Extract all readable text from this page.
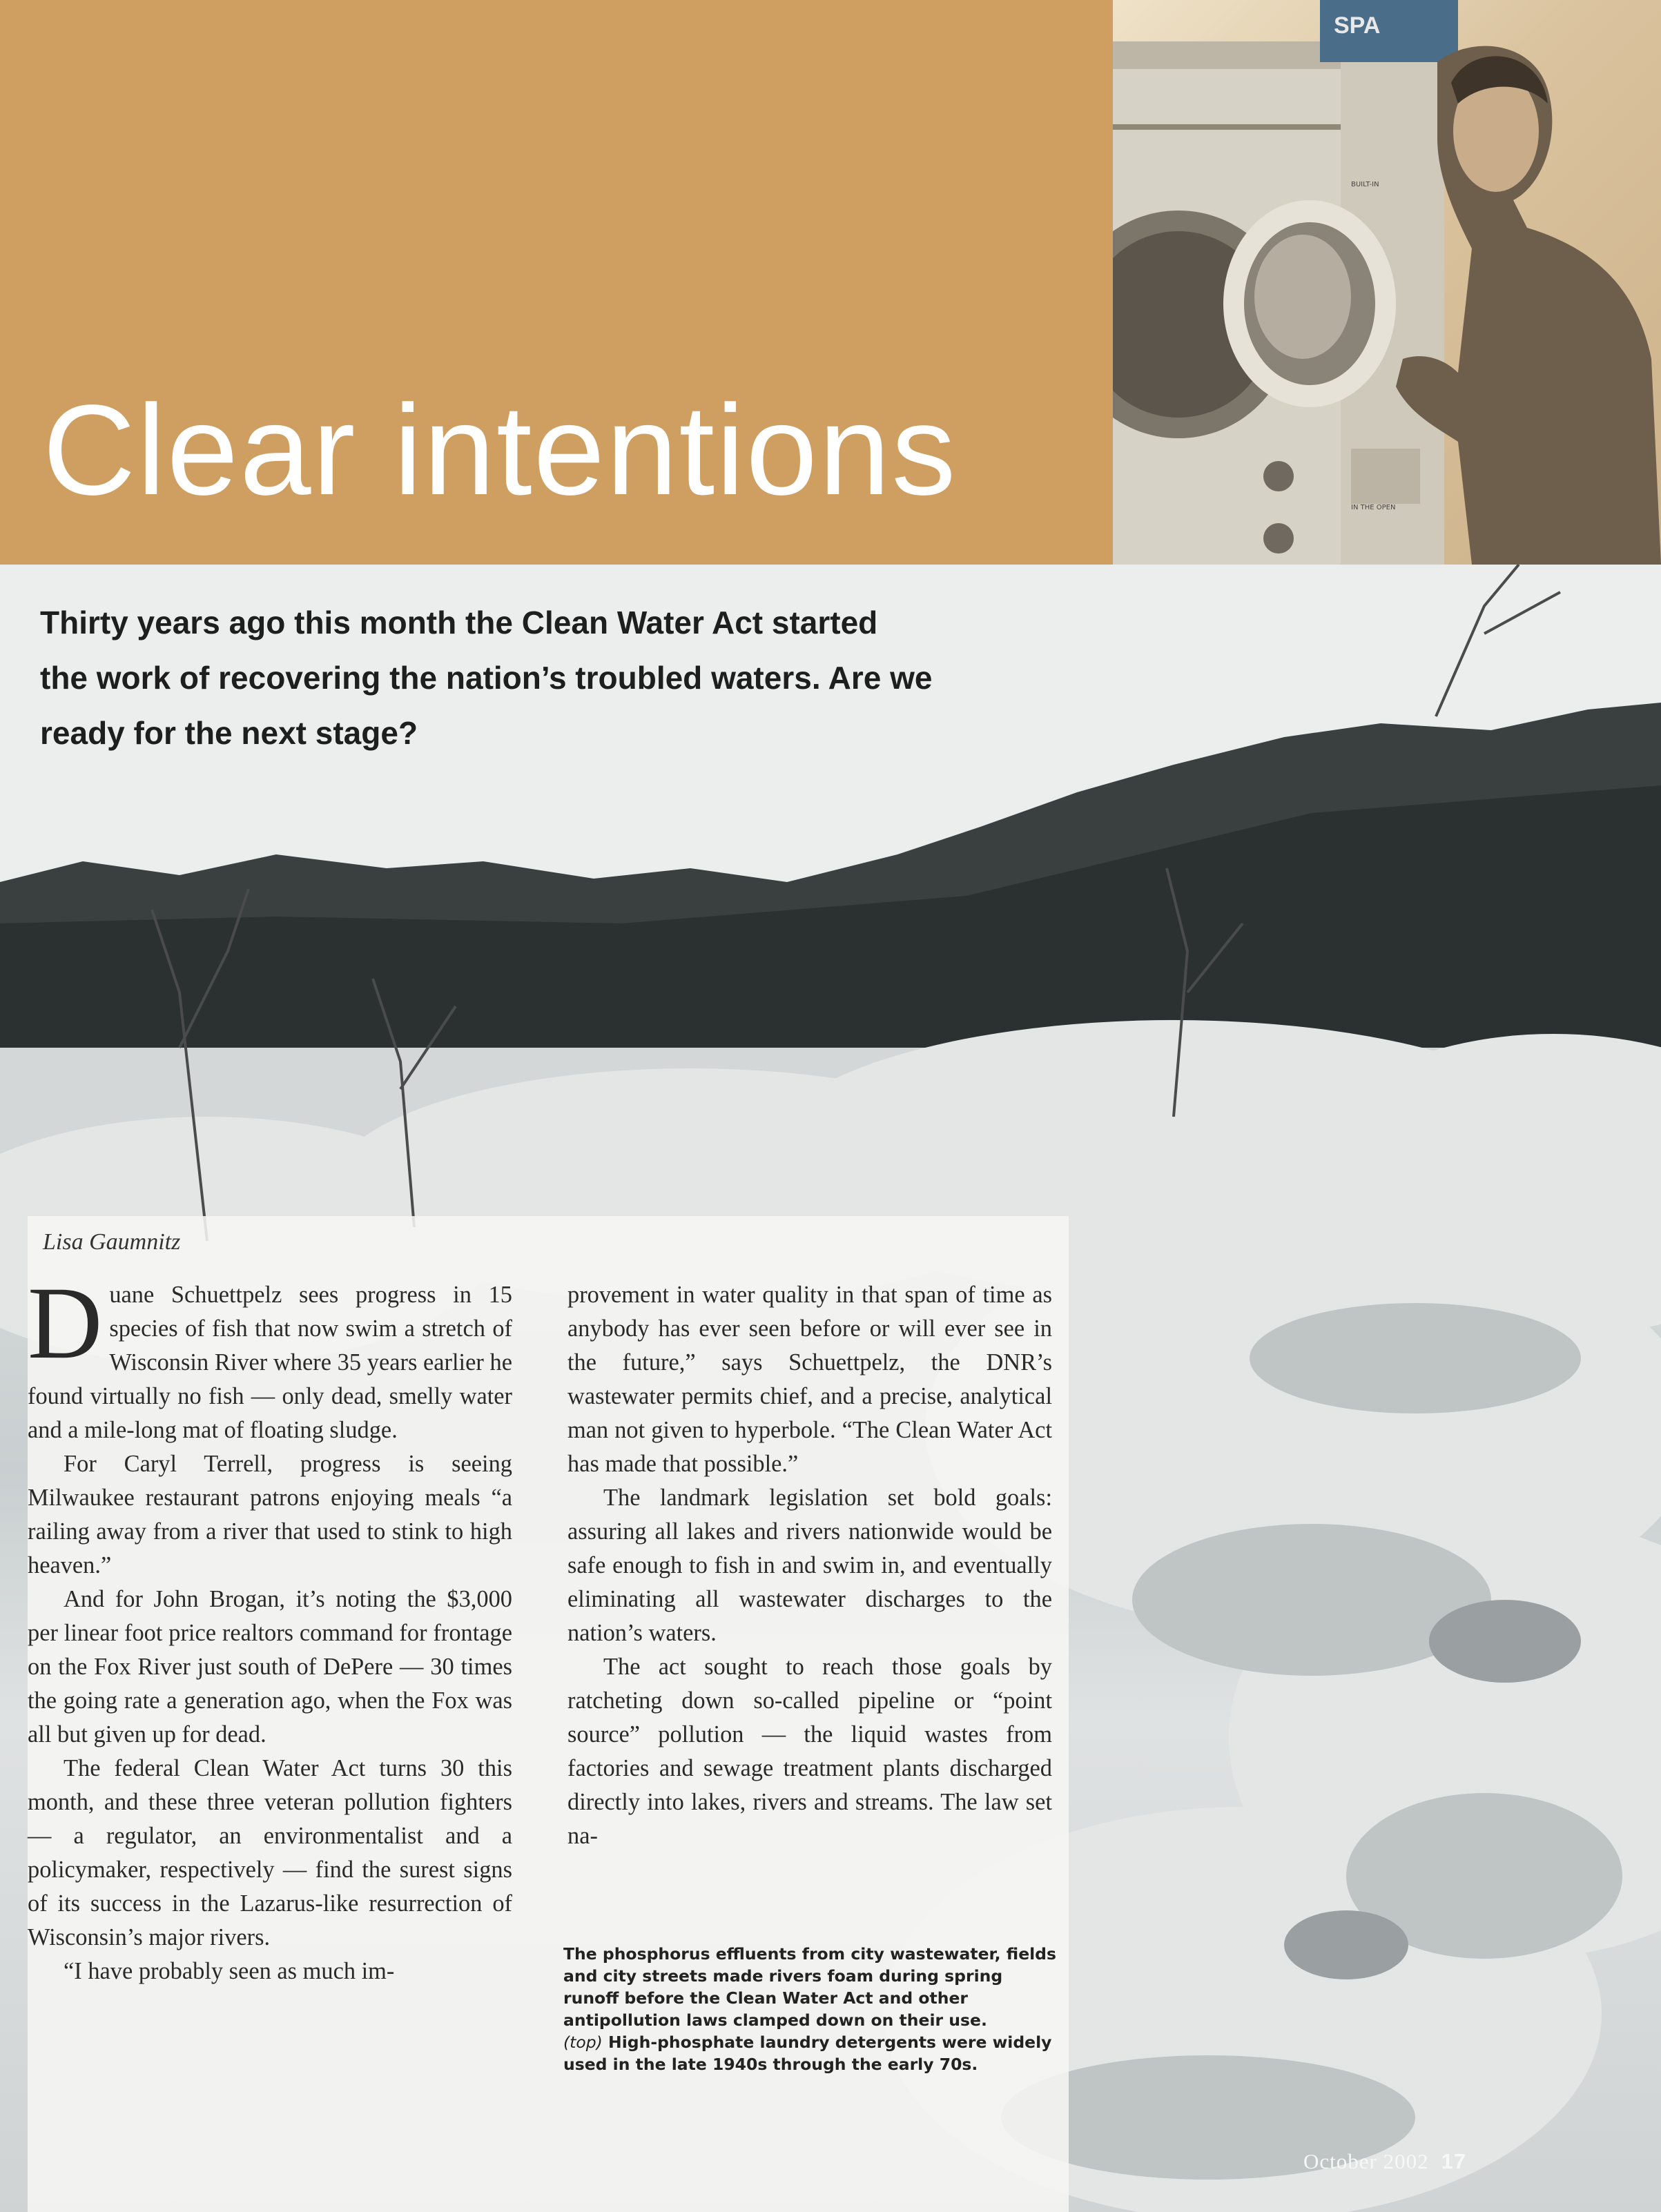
Clear intentions
SPA
BUILT-IN
IN THE OPEN

Thirty years ago this month the Clean Water Act started
the work of recovering the nation’s troubled waters. Are we
ready for the next stage?

Lisa Gaumnitz

Duane Schuettpelz sees progress in 15 species of fish that now swim a stretch of Wisconsin River where 35 years earlier he found virtually no fish — only dead, smelly water and a mile-long mat of floating sludge.

For Caryl Terrell, progress is seeing Milwaukee restaurant patrons enjoying meals “a railing away from a river that used to stink to high heaven.”

And for John Brogan, it’s noting the $3,000 per linear foot price realtors command for frontage on the Fox River just south of DePere — 30 times the going rate a generation ago, when the Fox was all but given up for dead.

The federal Clean Water Act turns 30 this month, and these three veteran pollution fighters — a regulator, an environmentalist and a policymaker, respectively — find the surest signs of its success in the Lazarus-like resurrection of Wisconsin’s major rivers.

“I have probably seen as much im-

provement in water quality in that span of time as anybody has ever seen before or will ever see in the future,” says Schuettpelz, the DNR’s wastewater permits chief, and a precise, analytical man not given to hyperbole. “The Clean Water Act has made that possible.”

The landmark legislation set bold goals: assuring all lakes and rivers nationwide would be safe enough to fish in and swim in, and eventually eliminating all wastewater discharges to the nation’s waters.

The act sought to reach those goals by ratcheting down so-called pipeline or “point source” pollution — the liquid wastes from factories and sewage treatment plants discharged directly into lakes, rivers and streams. The law set na-

The phosphorus effluents from city wastewater, fields and city streets made rivers foam during spring runoff before the Clean Water Act and other antipollution laws clamped down on their use.

(top) High-phosphate laundry detergents were widely used in the late 1940s through the early 70s.

October 2002 17
